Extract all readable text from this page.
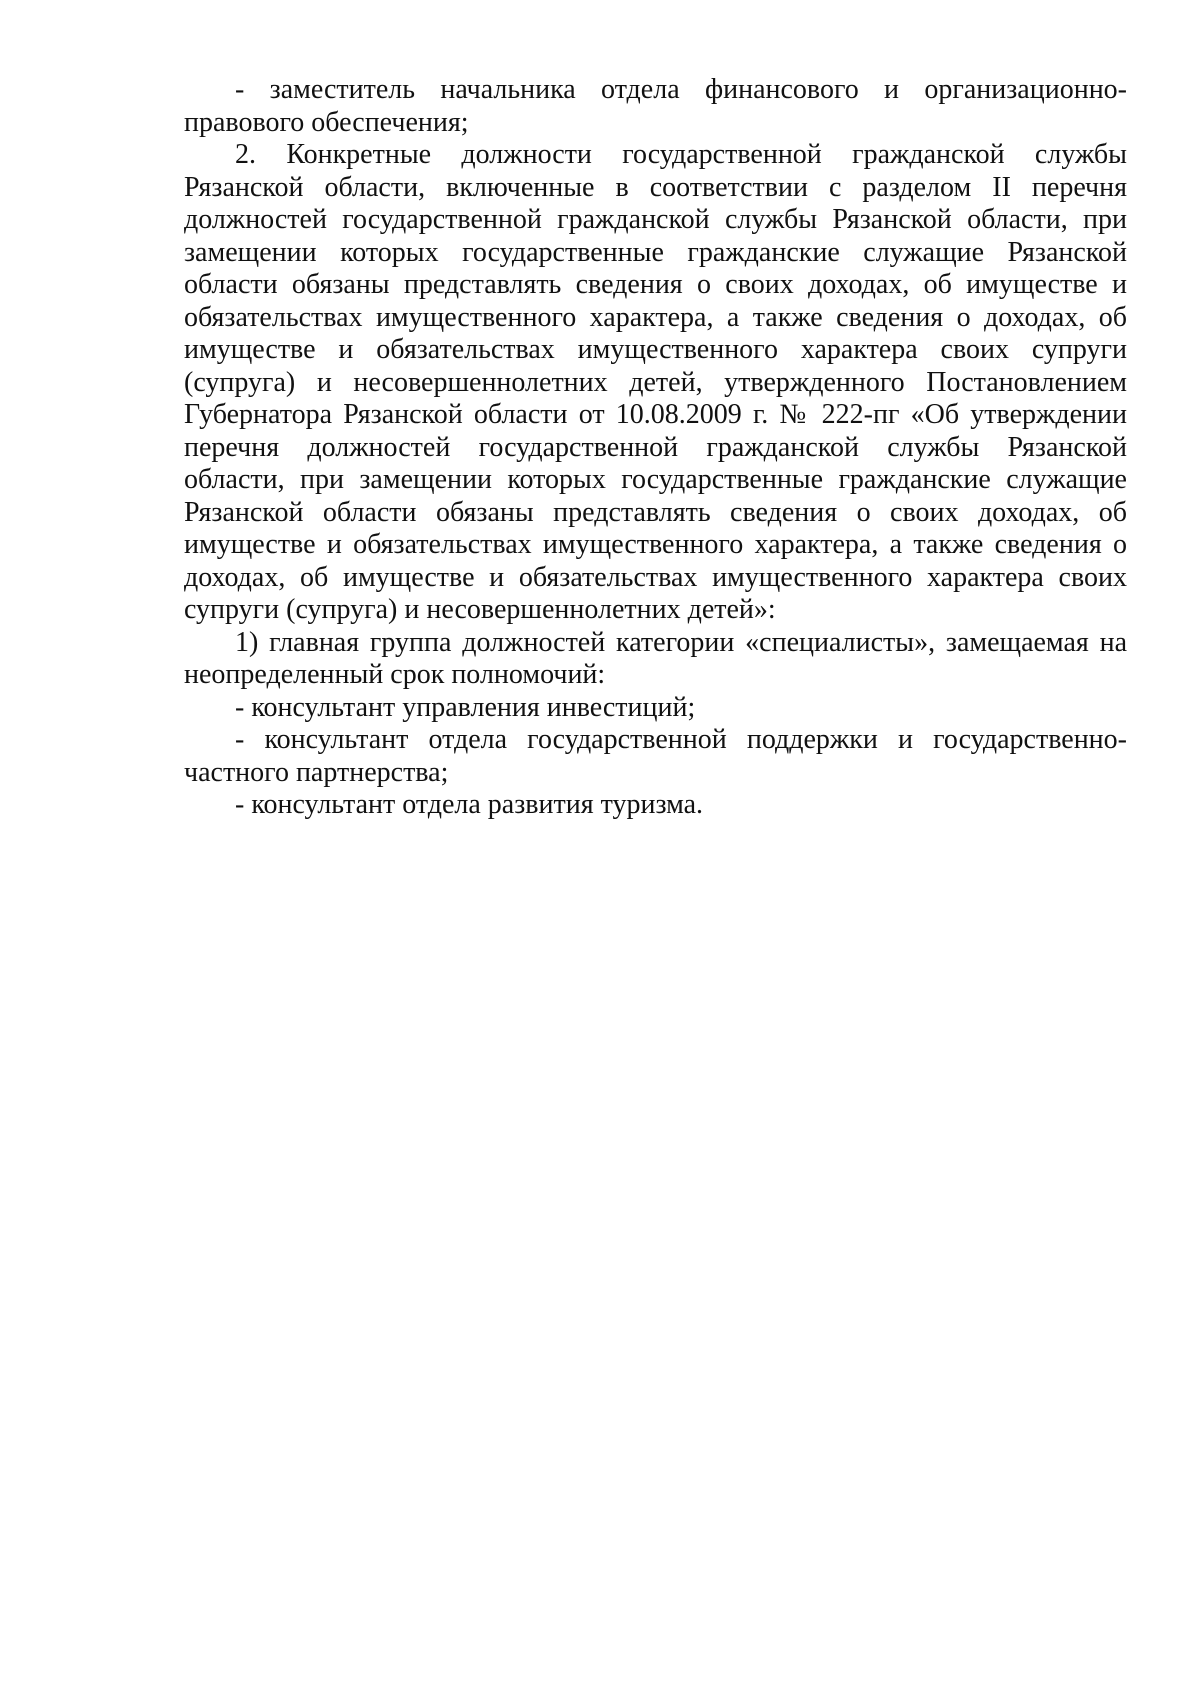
- заместитель начальника отдела финансового и организационно-правового обеспечения;

2. Конкретные должности государственной гражданской службы Рязанской области, включенные в соответствии с разделом II перечня должностей государственной гражданской службы Рязанской области, при замещении которых государственные гражданские служащие Рязанской области обязаны представлять сведения о своих доходах, об имуществе и обязательствах имущественного характера, а также сведения о доходах, об имуществе и обязательствах имущественного характера своих супруги (супруга) и несовершеннолетних детей, утвержденного Постановлением Губернатора Рязанской области от 10.08.2009 г. № 222-пг «Об утверждении перечня должностей государственной гражданской службы Рязанской области, при замещении которых государственные гражданские служащие Рязанской области обязаны представлять сведения о своих доходах, об имуществе и обязательствах имущественного характера, а также сведения о доходах, об имуществе и обязательствах имущественного характера своих супруги (супруга) и несовершеннолетних детей»:

1) главная группа должностей категории «специалисты», замещаемая на неопределенный срок полномочий:

- консультант управления инвестиций;

- консультант отдела государственной поддержки и государственно-частного партнерства;

- консультант отдела развития туризма.
